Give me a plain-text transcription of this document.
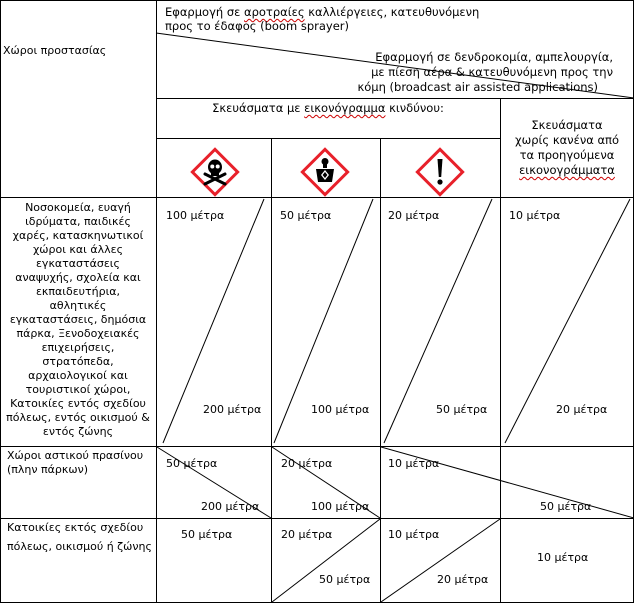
Χώροι προστασίας
Εφαρμογή σε αροτραίες καλλιέργειες, κατευθυνόμενη
προς το έδαφος (boom sprayer)
Εφαρμογή σε δενδροκομία, αμπελουργία,
με πίεση αέρα & κατευθυνόμενη προς την
κόμη (broadcast air assisted applications)
Σκευάσματα με εικονόγραμμα κινδύνου:
Σκευάσματα
χωρίς κανένα από
τα προηγούμενα
εικονογράμματα
Νοσοκομεία, ευαγή
ιδρύματα, παιδικές
χαρές, κατασκηνωτικοί
χώροι και άλλες
εγκαταστάσεις
αναψυχής, σχολεία και
εκπαιδευτήρια,
αθλητικές
εγκαταστάσεις, δημόσια
πάρκα, Ξενοδοχειακές
επιχειρήσεις,
στρατόπεδα,
αρχαιολογικοί και
τουριστικοί χώροι,
Κατοικίες εντός σχεδίου
πόλεως, εντός οικισμού &
εντός ζώνης
100 μέτρα
200 μέτρα
50 μέτρα
100 μέτρα
20 μέτρα
50 μέτρα
10 μέτρα
20 μέτρα
Χώροι αστικού πρασίνου
(πλην πάρκων)	50 μέτρα
200 μέτρα
20 μέτρα
100 μέτρα
10 μέτρα
50 μέτρα
Κατοικίες εκτός σχεδίου
πόλεως, οικισμού ή ζώνης
50 μέτρα	20 μέτρα
50 μέτρα
10 μέτρα
20 μέτρα
10 μέτρα
